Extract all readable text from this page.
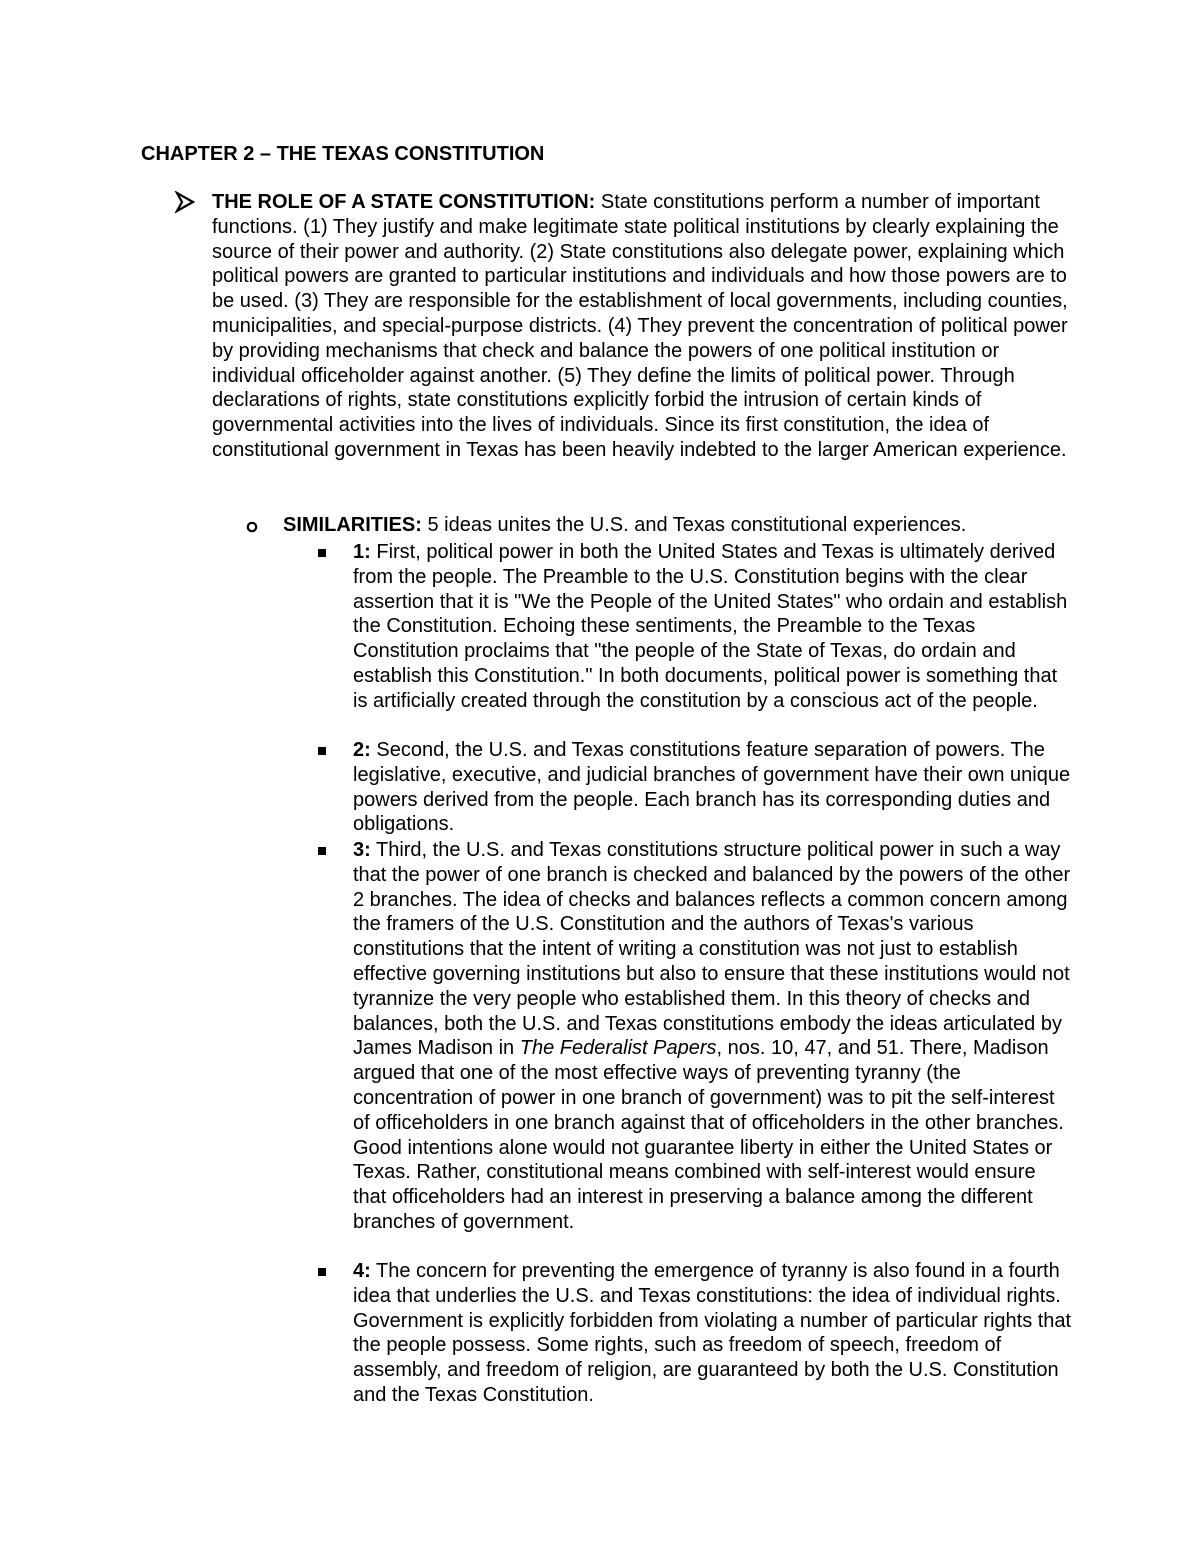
CHAPTER 2 – THE TEXAS CONSTITUTION
THE ROLE OF A STATE CONSTITUTION: State constitutions perform a number of important functions. (1) They justify and make legitimate state political institutions by clearly explaining the source of their power and authority. (2) State constitutions also delegate power, explaining which political powers are granted to particular institutions and individuals and how those powers are to be used. (3) They are responsible for the establishment of local governments, including counties, municipalities, and special-purpose districts. (4) They prevent the concentration of political power by providing mechanisms that check and balance the powers of one political institution or individual officeholder against another. (5) They define the limits of political power. Through declarations of rights, state constitutions explicitly forbid the intrusion of certain kinds of governmental activities into the lives of individuals. Since its first constitution, the idea of constitutional government in Texas has been heavily indebted to the larger American experience.
SIMILARITIES: 5 ideas unites the U.S. and Texas constitutional experiences.
1: First, political power in both the United States and Texas is ultimately derived from the people. The Preamble to the U.S. Constitution begins with the clear assertion that it is "We the People of the United States" who ordain and establish the Constitution. Echoing these sentiments, the Preamble to the Texas Constitution proclaims that "the people of the State of Texas, do ordain and establish this Constitution." In both documents, political power is something that is artificially created through the constitution by a conscious act of the people.
2: Second, the U.S. and Texas constitutions feature separation of powers. The legislative, executive, and judicial branches of government have their own unique powers derived from the people. Each branch has its corresponding duties and obligations.
3: Third, the U.S. and Texas constitutions structure political power in such a way that the power of one branch is checked and balanced by the powers of the other 2 branches. The idea of checks and balances reflects a common concern among the framers of the U.S. Constitution and the authors of Texas's various constitutions that the intent of writing a constitution was not just to establish effective governing institutions but also to ensure that these institutions would not tyrannize the very people who established them. In this theory of checks and balances, both the U.S. and Texas constitutions embody the ideas articulated by James Madison in The Federalist Papers, nos. 10, 47, and 51. There, Madison argued that one of the most effective ways of preventing tyranny (the concentration of power in one branch of government) was to pit the self-interest of officeholders in one branch against that of officeholders in the other branches. Good intentions alone would not guarantee liberty in either the United States or Texas. Rather, constitutional means combined with self-interest would ensure that officeholders had an interest in preserving a balance among the different branches of government.
4: The concern for preventing the emergence of tyranny is also found in a fourth idea that underlies the U.S. and Texas constitutions: the idea of individual rights. Government is explicitly forbidden from violating a number of particular rights that the people possess. Some rights, such as freedom of speech, freedom of assembly, and freedom of religion, are guaranteed by both the U.S. Constitution and the Texas Constitution.
